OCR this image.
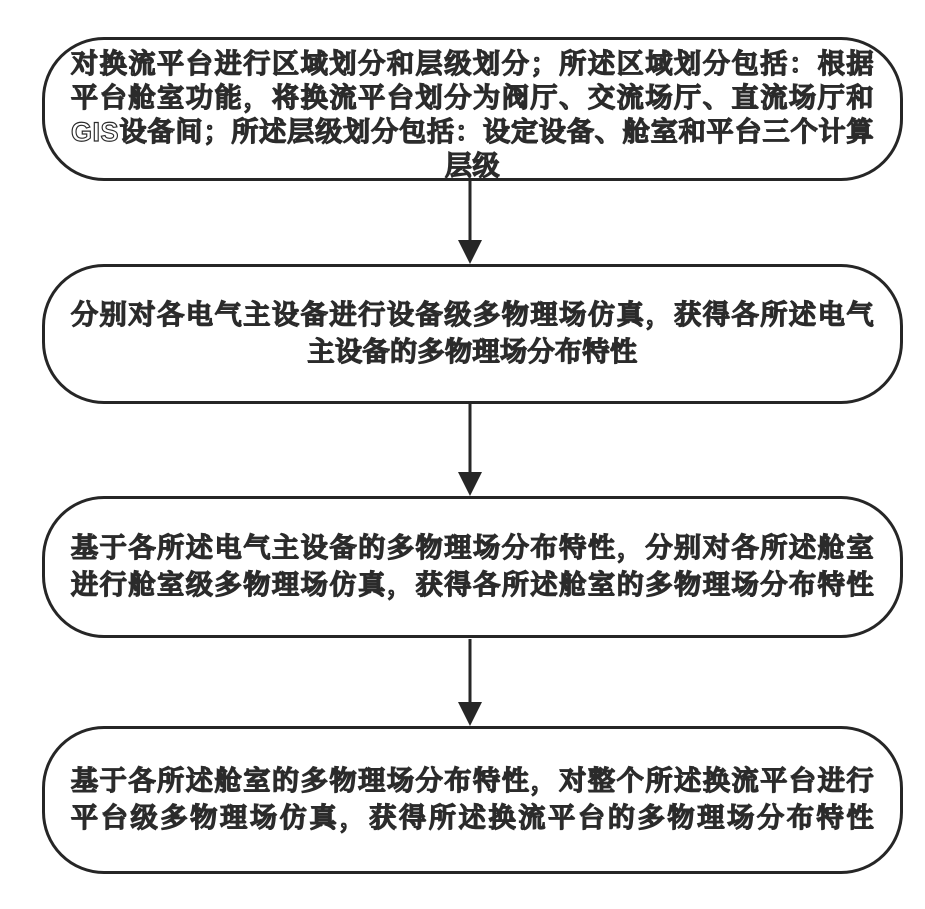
对换流平台进行区域划分和层级划分；所述区域划分包括：根据
平台舱室功能，将换流平台划分为阀厅、交流场厅、直流场厅和
GIS设备间；所述层级划分包括：设定设备、舱室和平台三个计算
层级
分别对各电气主设备进行设备级多物理场仿真，获得各所述电气
主设备的多物理场分布特性
基于各所述电气主设备的多物理场分布特性，分别对各所述舱室
进行舱室级多物理场仿真，获得各所述舱室的多物理场分布特性
基于各所述舱室的多物理场分布特性，对整个所述换流平台进行
平台级多物理场仿真，获得所述换流平台的多物理场分布特性
